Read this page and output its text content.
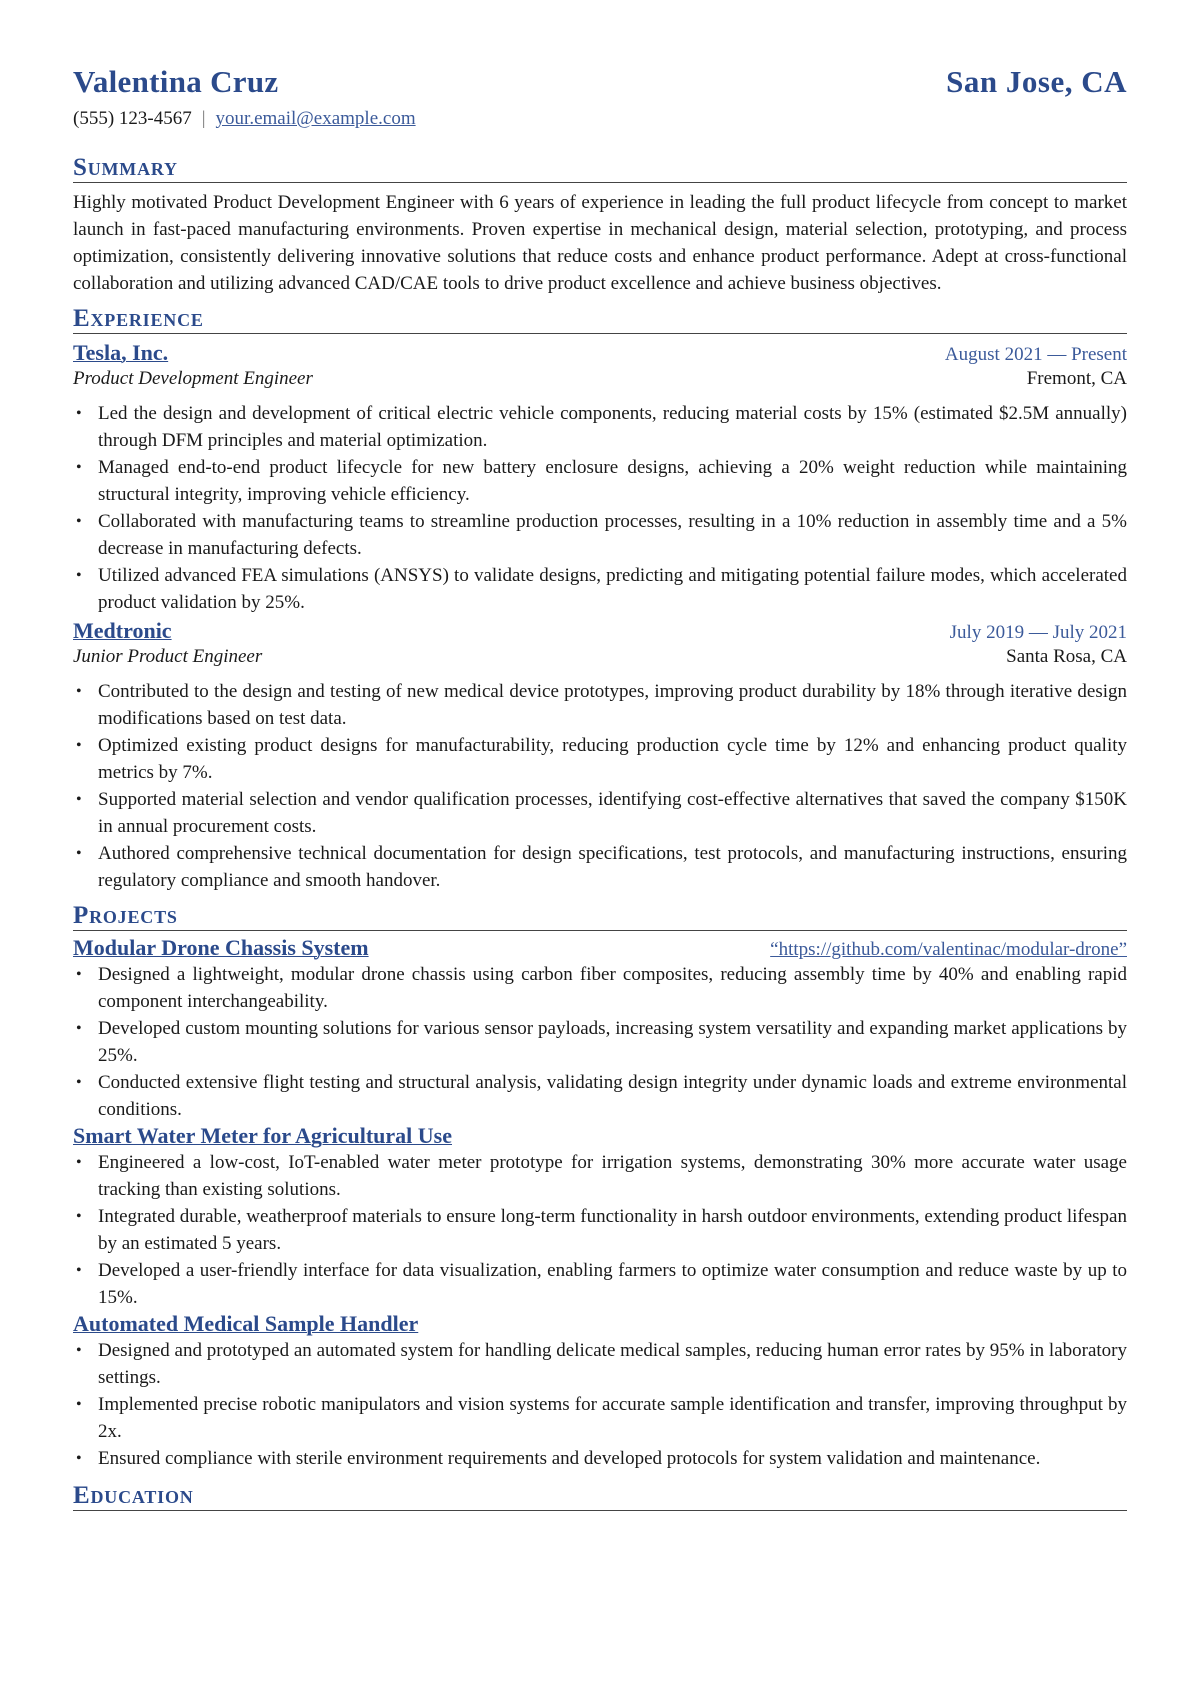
Valentina Cruz	San Jose, CA
(555) 123-4567 | your.email@example.com
Summary
Highly motivated Product Development Engineer with 6 years of experience in leading the full product lifecycle from concept to market launch in fast-paced manufacturing environments. Proven expertise in mechanical design, material selection, prototyping, and process optimization, consistently delivering innovative solutions that reduce costs and enhance product performance. Adept at cross-functional collaboration and utilizing advanced CAD/CAE tools to drive product excellence and achieve business objectives.
Experience
Tesla, Inc.	August 2021 — Present
Product Development Engineer	Fremont, CA
• Led the design and development of critical electric vehicle components, reducing material costs by 15% (estimated $2.5M annually) through DFM principles and material optimization.
• Managed end-to-end product lifecycle for new battery enclosure designs, achieving a 20% weight reduction while maintaining structural integrity, improving vehicle efficiency.
• Collaborated with manufacturing teams to streamline production processes, resulting in a 10% reduction in assembly time and a 5% decrease in manufacturing defects.
• Utilized advanced FEA simulations (ANSYS) to validate designs, predicting and mitigating potential failure modes, which accelerated product validation by 25%.
Medtronic	July 2019 — July 2021
Junior Product Engineer	Santa Rosa, CA
• Contributed to the design and testing of new medical device prototypes, improving product durability by 18% through iterative design modifications based on test data.
• Optimized existing product designs for manufacturability, reducing production cycle time by 12% and enhancing product quality metrics by 7%.
• Supported material selection and vendor qualification processes, identifying cost-effective alternatives that saved the company $150K in annual procurement costs.
• Authored comprehensive technical documentation for design specifications, test protocols, and manufacturing instructions, ensuring regulatory compliance and smooth handover.
Projects
Modular Drone Chassis System	“https://github.com/valentinac/modular-drone”
• Designed a lightweight, modular drone chassis using carbon fiber composites, reducing assembly time by 40% and enabling rapid component interchangeability.
• Developed custom mounting solutions for various sensor payloads, increasing system versatility and expanding market applications by 25%.
• Conducted extensive flight testing and structural analysis, validating design integrity under dynamic loads and extreme environmental conditions.
Smart Water Meter for Agricultural Use
• Engineered a low-cost, IoT-enabled water meter prototype for irrigation systems, demonstrating 30% more accurate water usage tracking than existing solutions.
• Integrated durable, weatherproof materials to ensure long-term functionality in harsh outdoor environments, extending product lifespan by an estimated 5 years.
• Developed a user-friendly interface for data visualization, enabling farmers to optimize water consumption and reduce waste by up to 15%.
Automated Medical Sample Handler
• Designed and prototyped an automated system for handling delicate medical samples, reducing human error rates by 95% in laboratory settings.
• Implemented precise robotic manipulators and vision systems for accurate sample identification and transfer, improving throughput by 2x.
• Ensured compliance with sterile environment requirements and developed protocols for system validation and maintenance.
Education
